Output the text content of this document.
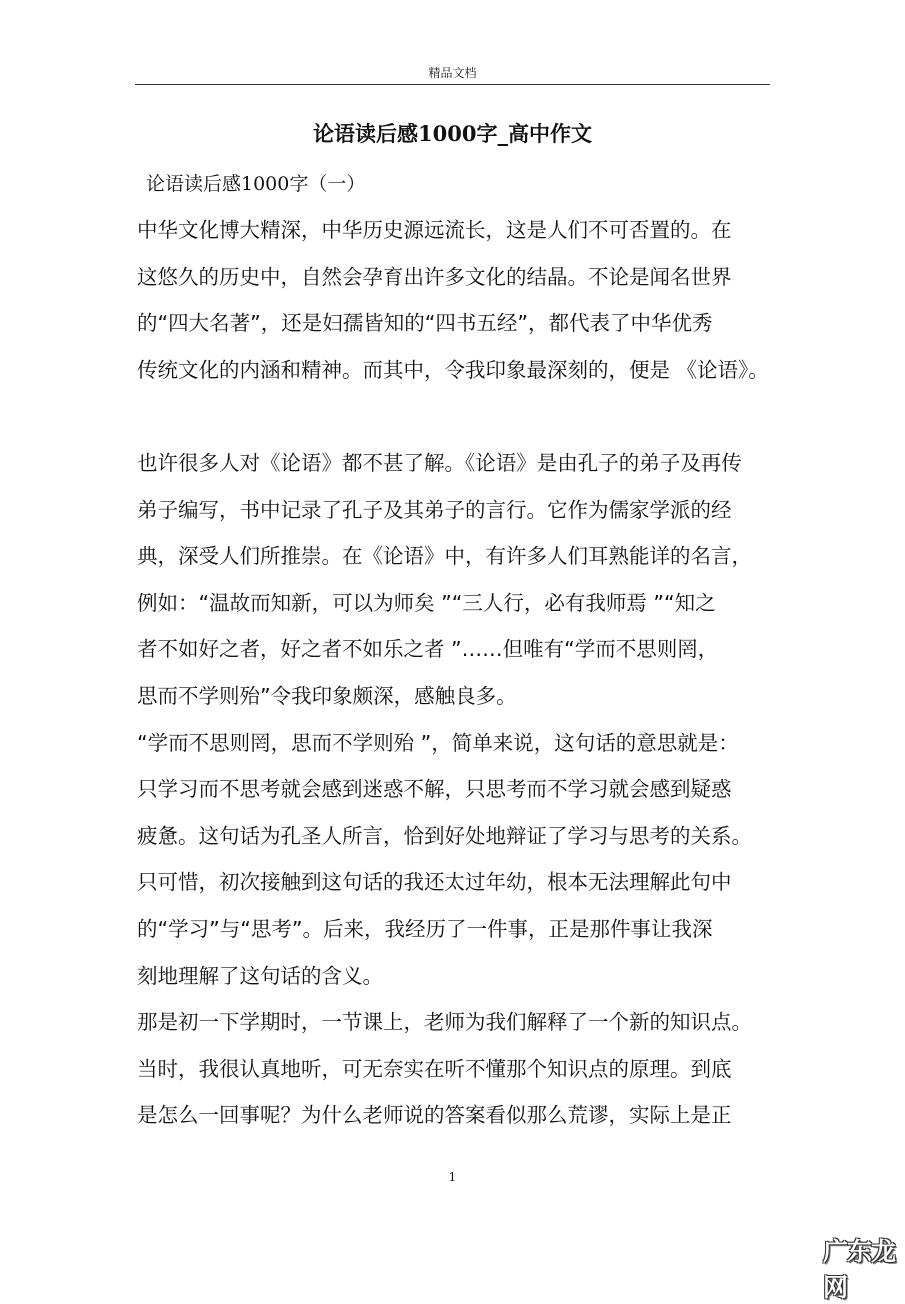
精品文档
论语读后感1000字_高中作文
论语读后感1000字（一）
中华文化博大精深，中华历史源远流长，这是人们不可否置的。在
这悠久的历史中，自然会孕育出许多文化的结晶。不论是闻名世界
的“四大名著”，还是妇孺皆知的“四书五经”，都代表了中华优秀
传统文化的内涵和精神。而其中，令我印象最深刻的，便是 《论语》。
也许很多人对《论语》都不甚了解。《论语》是由孔子的弟子及再传
弟子编写，书中记录了孔子及其弟子的言行。它作为儒家学派的经
典，深受人们所推崇。在《论语》中，有许多人们耳熟能详的名言，
例如：“温故而知新，可以为师矣 ”“三人行，必有我师焉 ”“知之
者不如好之者，好之者不如乐之者 ”……但唯有“学而不思则罔，
思而不学则殆”令我印象颇深，感触良多。
“学而不思则罔，思而不学则殆 ”，简单来说，这句话的意思就是：
只学习而不思考就会感到迷惑不解，只思考而不学习就会感到疑惑
疲惫。这句话为孔圣人所言，恰到好处地辩证了学习与思考的关系。
只可惜，初次接触到这句话的我还太过年幼，根本无法理解此句中
的“学习”与“思考”。后来，我经历了一件事，正是那件事让我深
刻地理解了这句话的含义。
那是初一下学期时，一节课上，老师为我们解释了一个新的知识点。
当时，我很认真地听，可无奈实在听不懂那个知识点的原理。到底
是怎么一回事呢？为什么老师说的答案看似那么荒谬，实际上是正
1
广东龙网
